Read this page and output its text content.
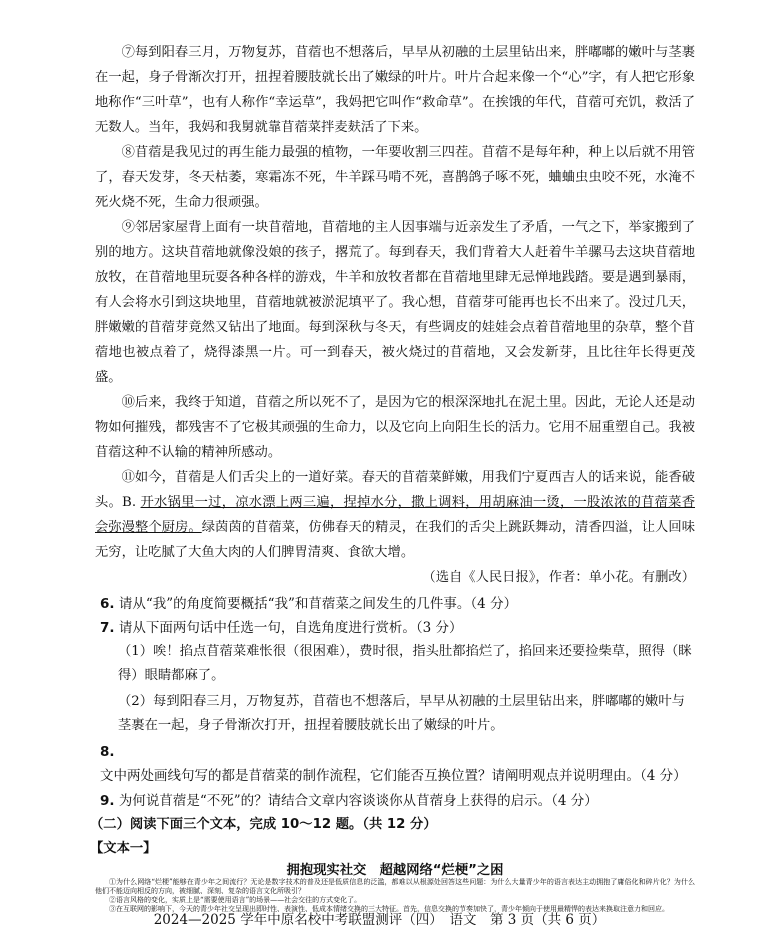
⑦每到阳春三月，万物复苏，苜蓿也不想落后，早早从初融的土层里钻出来，胖嘟嘟的嫩叶与茎裹在一起，身子骨渐次打开，扭捏着腰肢就长出了嫩绿的叶片。叶片合起来像一个“心”字，有人把它形象地称作“三叶草”，也有人称作“幸运草”，我妈把它叫作“救命草”。在挨饿的年代，苜蓿可充饥，救活了无数人。当年，我妈和我舅就靠苜蓿菜拌麦麸活了下来。
⑧苜蓿是我见过的再生能力最强的植物，一年要收割三四茬。苜蓿不是每年种，种上以后就不用管了，春天发芽，冬天枯萎，寒霜冻不死，牛羊踩马啃不死，喜鹊鸽子啄不死，蛐蛐虫虫咬不死，水淹不死火烧不死，生命力很顽强。
⑨邻居家屋背上面有一块苜蓿地，苜蓿地的主人因事端与近亲发生了矛盾，一气之下，举家搬到了别的地方。这块苜蓿地就像没娘的孩子，撂荒了。每到春天，我们背着大人赶着牛羊骡马去这块苜蓿地放牧，在苜蓿地里玩耍各种各样的游戏，牛羊和放牧者都在苜蓿地里肆无忌惮地践踏。要是遇到暴雨，有人会将水引到这块地里，苜蓿地就被淤泥填平了。我心想，苜蓿芽可能再也长不出来了。没过几天，胖嫩嫩的苜蓿芽竟然又钻出了地面。每到深秋与冬天，有些调皮的娃娃会点着苜蓿地里的杂草，整个苜蓿地也被点着了，烧得漆黑一片。可一到春天，被火烧过的苜蓿地，又会发新芽，且比往年长得更茂盛。
⑩后来，我终于知道，苜蓿之所以死不了，是因为它的根深深地扎在泥土里。因此，无论人还是动物如何摧残，都残害不了它极其顽强的生命力，以及它向上向阳生长的活力。它用不屈重塑自己。我被苜蓿这种不认输的精神所感动。
⑪如今，苜蓿是人们舌尖上的一道好菜。春天的苜蓿菜鲜嫩，用我们宁夏西吉人的话来说，能香破头。B. 开水锅里一过，凉水漂上两三遍，捏掉水分，撒上调料，用胡麻油一烫，一股浓浓的苜蓿菜香会弥漫整个厨房。绿茵茵的苜蓿菜，仿佛春天的精灵，在我们的舌尖上跳跃舞动，清香四溢，让人回味无穷，让吃腻了大鱼大肉的人们脾胃清爽、食欲大增。
（选自《人民日报》，作者：单小花。有删改）
6. 请从“我”的角度简要概括“我”和苜蓿菜之间发生的几件事。（4 分）
7. 请从下面两句话中任选一句，自选角度进行赏析。（3 分）
（1）唉！掐点苜蓿菜难怅很（很困难），费时很，指头肚都掐烂了，掐回来还要捡柴草，照得（眯得）眼睛都麻了。
（2）每到阳春三月，万物复苏，苜蓿也不想落后，早早从初融的土层里钻出来，胖嘟嘟的嫩叶与茎裹在一起，身子骨渐次打开，扭捏着腰肢就长出了嫩绿的叶片。
8. 文中两处画线句写的都是苜蓿菜的制作流程，它们能否互换位置？请阐明观点并说明理由。（4 分）
9. 为何说苜蓿是“不死”的？请结合文章内容谈谈你从苜蓿身上获得的启示。（4 分）
（二）阅读下面三个文本，完成 10～12 题。（共 12 分）
【文本一】
拥抱现实社交　超越网络“烂梗”之困
2024—2025 学年中原名校中考联盟测评（四）　语文　第 3 页（共 6 页）
①为什么网络“烂梗”能够在青少年之间流行？无论是数字技术的普及还是低质信息的泛滥，都难以从根源处回答这些问题：为什么大量青少年的语言表达主动拥抱了庸俗化和碎片化？为什么他们不能迈向相反的方向，被细腻、深刻、复杂的语言文化所吸引？
②语言风格的变化，实质上是“需要使用语言”的场景——社会交往的方式变化了。
③在互联网的影响下，今天的青少年社交呈现出即时性、表演性、低成本情绪交换的三大特征。首先，信息交换的节奏加快了，青少年倾向于使用最精悍的表达来换取注意力和回应。
